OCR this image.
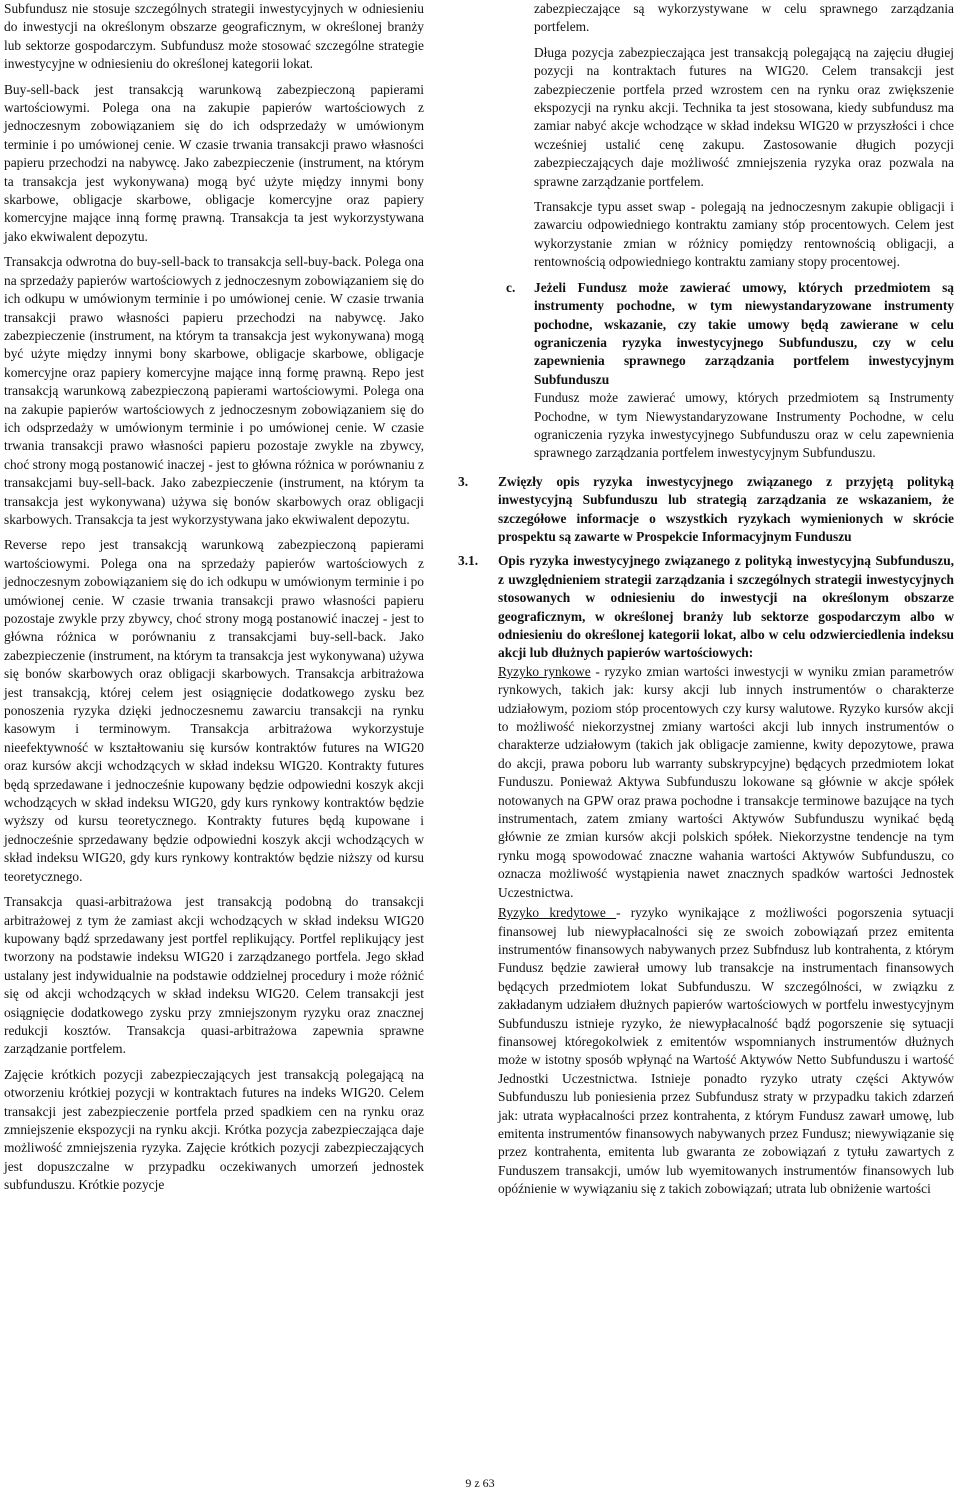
Subfundusz nie stosuje szczególnych strategii inwestycyjnych w odniesieniu do inwestycji na określonym obszarze geograficznym, w określonej branży lub sektorze gospodarczym. Subfundusz może stosować szczególne strategie inwestycyjne w odniesieniu do określonej kategorii lokat.

Buy-sell-back jest transakcją warunkową zabezpieczoną papierami wartościowymi. Polega ona na zakupie papierów wartościowych z jednoczesnym zobowiązaniem się do ich odsprzedaży w umówionym terminie i po umówionej cenie. W czasie trwania transakcji prawo własności papieru przechodzi na nabywcę. Jako zabezpieczenie (instrument, na którym ta transakcja jest wykonywana) mogą być użyte między innymi bony skarbowe, obligacje skarbowe, obligacje komercyjne oraz papiery komercyjne mające inną formę prawną. Transakcja ta jest wykorzystywana jako ekwiwalent depozytu.

Transakcja odwrotna do buy-sell-back to transakcja sell-buy-back. Polega ona na sprzedaży papierów wartościowych z jednoczesnym zobowiązaniem się do ich odkupu w umówionym terminie i po umówionej cenie. W czasie trwania transakcji prawo własności papieru przechodzi na nabywcę. Jako zabezpieczenie (instrument, na którym ta transakcja jest wykonywana) mogą być użyte między innymi bony skarbowe, obligacje skarbowe, obligacje komercyjne oraz papiery komercyjne mające inną formę prawną. Repo jest transakcją warunkową zabezpieczoną papierami wartościowymi. Polega ona na zakupie papierów wartościowych z jednoczesnym zobowiązaniem się do ich odsprzedaży w umówionym terminie i po umówionej cenie. W czasie trwania transakcji prawo własności papieru pozostaje zwykle na zbywcy, choć strony mogą postanowić inaczej - jest to główna różnica w porównaniu z transakcjami buy-sell-back. Jako zabezpieczenie (instrument, na którym ta transakcja jest wykonywana) używa się bonów skarbowych oraz obligacji skarbowych. Transakcja ta jest wykorzystywana jako ekwiwalent depozytu.

Reverse repo jest transakcją warunkową zabezpieczoną papierami wartościowymi. Polega ona na sprzedaży papierów wartościowych z jednoczesnym zobowiązaniem się do ich odkupu w umówionym terminie i po umówionej cenie. W czasie trwania transakcji prawo własności papieru pozostaje zwykle przy zbywcy, choć strony mogą postanowić inaczej - jest to główna różnica w porównaniu z transakcjami buy-sell-back. Jako zabezpieczenie (instrument, na którym ta transakcja jest wykonywana) używa się bonów skarbowych oraz obligacji skarbowych. Transakcja arbitrażowa jest transakcją, której celem jest osiągnięcie dodatkowego zysku bez ponoszenia ryzyka dzięki jednoczesnemu zawarciu transakcji na rynku kasowym i terminowym. Transakcja arbitrażowa wykorzystuje nieefektywność w kształtowaniu się kursów kontraktów futures na WIG20 oraz kursów akcji wchodzących w skład indeksu WIG20. Kontrakty futures będą sprzedawane i jednocześnie kupowany będzie odpowiedni koszyk akcji wchodzących w skład indeksu WIG20, gdy kurs rynkowy kontraktów będzie wyższy od kursu teoretycznego. Kontrakty futures będą kupowane i jednocześnie sprzedawany będzie odpowiedni koszyk akcji wchodzących w skład indeksu WIG20, gdy kurs rynkowy kontraktów będzie niższy od kursu teoretycznego.

Transakcja quasi-arbitrażowa jest transakcją podobną do transakcji arbitrażowej z tym że zamiast akcji wchodzących w skład indeksu WIG20 kupowany bądź sprzedawany jest portfel replikujący. Portfel replikujący jest tworzony na podstawie indeksu WIG20 i zarządzanego portfela. Jego skład ustalany jest indywidualnie na podstawie oddzielnej procedury i może różnić się od akcji wchodzących w skład indeksu WIG20. Celem transakcji jest osiągnięcie dodatkowego zysku przy zmniejszonym ryzyku oraz znacznej redukcji kosztów. Transakcja quasi-arbitrażowa zapewnia sprawne zarządzanie portfelem.

Zajęcie krótkich pozycji zabezpieczających jest transakcją polegającą na otworzeniu krótkiej pozycji w kontraktach futures na indeks WIG20. Celem transakcji jest zabezpieczenie portfela przed spadkiem cen na rynku oraz zmniejszenie ekspozycji na rynku akcji. Krótka pozycja zabezpieczająca daje możliwość zmniejszenia ryzyka. Zajęcie krótkich pozycji zabezpieczających jest dopuszczalne w przypadku oczekiwanych umorzeń jednostek subfunduszu. Krótkie pozycje

zabezpieczające są wykorzystywane w celu sprawnego zarządzania portfelem.

Długa pozycja zabezpieczająca jest transakcją polegającą na zajęciu długiej pozycji na kontraktach futures na WIG20. Celem transakcji jest zabezpieczenie portfela przed wzrostem cen na rynku oraz zwiększenie ekspozycji na rynku akcji. Technika ta jest stosowana, kiedy subfundusz ma zamiar nabyć akcje wchodzące w skład indeksu WIG20 w przyszłości i chce wcześniej ustalić cenę zakupu. Zastosowanie długich pozycji zabezpieczających daje możliwość zmniejszenia ryzyka oraz pozwala na sprawne zarządzanie portfelem.

Transakcje typu asset swap - polegają na jednoczesnym zakupie obligacji i zawarciu odpowiedniego kontraktu zamiany stóp procentowych. Celem jest wykorzystanie zmian w różnicy pomiędzy rentownością obligacji, a rentownością odpowiedniego kontraktu zamiany stopy procentowej.

c. Jeżeli Fundusz może zawierać umowy, których przedmiotem są instrumenty pochodne, w tym niewystandaryzowane instrumenty pochodne, wskazanie, czy takie umowy będą zawierane w celu ograniczenia ryzyka inwestycyjnego Subfunduszu, czy w celu zapewnienia sprawnego zarządzania portfelem inwestycyjnym Subfunduszu

Fundusz może zawierać umowy, których przedmiotem są Instrumenty Pochodne, w tym Niewystandaryzowane Instrumenty Pochodne, w celu ograniczenia ryzyka inwestycyjnego Subfunduszu oraz w celu zapewnienia sprawnego zarządzania portfelem inwestycyjnym Subfunduszu.

3. Zwięzły opis ryzyka inwestycyjnego związanego z przyjętą polityką inwestycyjną Subfunduszu lub strategią zarządzania ze wskazaniem, że szczegółowe informacje o wszystkich ryzykach wymienionych w skrócie prospektu są zawarte w Prospekcie Informacyjnym Funduszu

3.1. Opis ryzyka inwestycyjnego związanego z polityką inwestycyjną Subfunduszu, z uwzględnieniem strategii zarządzania i szczególnych strategii inwestycyjnych stosowanych w odniesieniu do inwestycji na określonym obszarze geograficznym, w określonej branży lub sektorze gospodarczym albo w odniesieniu do określonej kategorii lokat, albo w celu odzwierciedlenia indeksu akcji lub dłużnych papierów wartościowych:

Ryzyko rynkowe - ryzyko zmian wartości inwestycji w wyniku zmian parametrów rynkowych, takich jak: kursy akcji lub innych instrumentów o charakterze udziałowym, poziom stóp procentowych czy kursy walutowe. Ryzyko kursów akcji to możliwość niekorzystnej zmiany wartości akcji lub innych instrumentów o charakterze udziałowym (takich jak obligacje zamienne, kwity depozytowe, prawa do akcji, prawa poboru lub warranty subskrypcyjne) będących przedmiotem lokat Funduszu. Ponieważ Aktywa Subfunduszu lokowane są głównie w akcje spółek notowanych na GPW oraz prawa pochodne i transakcje terminowe bazujące na tych instrumentach, zatem zmiany wartości Aktywów Subfunduszu wynikać będą głównie ze zmian kursów akcji polskich spółek. Niekorzystne tendencje na tym rynku mogą spowodować znaczne wahania wartości Aktywów Subfunduszu, co oznacza możliwość wystąpienia nawet znacznych spadków wartości Jednostek Uczestnictwa.

Ryzyko kredytowe - ryzyko wynikające z możliwości pogorszenia sytuacji finansowej lub niewypłacalności się ze swoich zobowiązań przez emitenta instrumentów finansowych nabywanych przez Subfndusz lub kontrahenta, z którym Fundusz będzie zawierał umowy lub transakcje na instrumentach finansowych będących przedmiotem lokat Subfunduszu. W szczególności, w związku z zakładanym udziałem dłużnych papierów wartościowych w portfelu inwestycyjnym Subfunduszu istnieje ryzyko, że niewypłacalność bądź pogorszenie się sytuacji finansowej któregokolwiek z emitentów wspomnianych instrumentów dłużnych może w istotny sposób wpłynąć na Wartość Aktywów Netto Subfunduszu i wartość Jednostki Uczestnictwa. Istnieje ponadto ryzyko utraty części Aktywów Subfunduszu lub poniesienia przez Subfundusz straty w przypadku takich zdarzeń jak: utrata wypłacalności przez kontrahenta, z którym Fundusz zawarł umowę, lub emitenta instrumentów finansowych nabywanych przez Fundusz; niewywiązanie się przez kontrahenta, emitenta lub gwaranta ze zobowiązań z tytułu zawartych z Funduszem transakcji, umów lub wyemitowanych instrumentów finansowych lub opóźnienie w wywiązaniu się z takich zobowiązań; utrata lub obniżenie wartości

9 z 63
